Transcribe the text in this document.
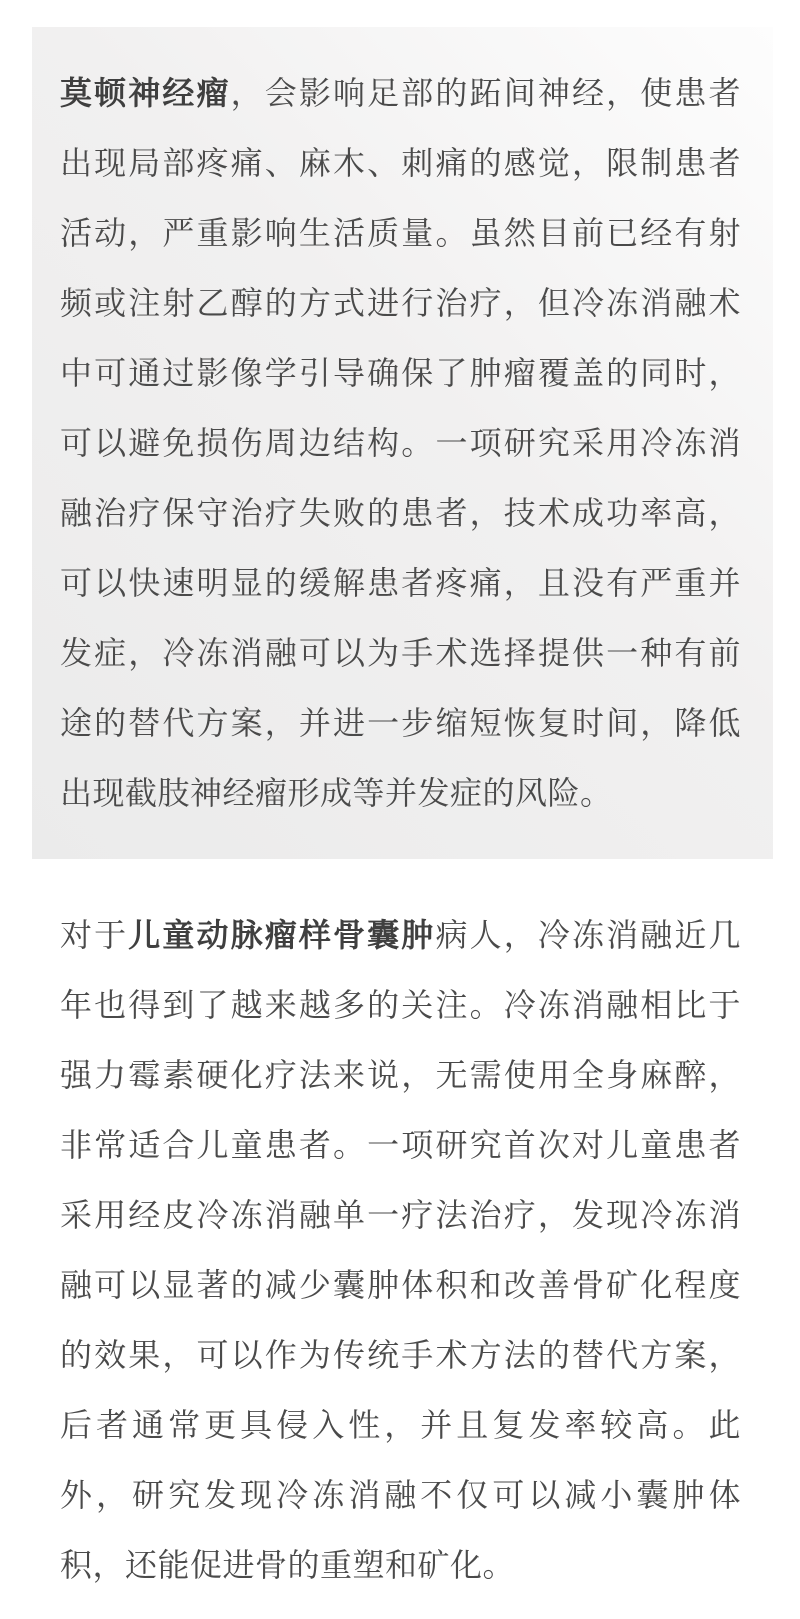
莫顿神经瘤，会影响足部的跖间神经，使患者出现局部疼痛、麻木、刺痛的感觉，限制患者活动，严重影响生活质量。虽然目前已经有射频或注射乙醇的方式进行治疗，但冷冻消融术中可通过影像学引导确保了肿瘤覆盖的同时，可以避免损伤周边结构。一项研究采用冷冻消融治疗保守治疗失败的患者，技术成功率高，可以快速明显的缓解患者疼痛，且没有严重并发症，冷冻消融可以为手术选择提供一种有前途的替代方案，并进一步缩短恢复时间，降低出现截肢神经瘤形成等并发症的风险。

对于儿童动脉瘤样骨囊肿病人，冷冻消融近几年也得到了越来越多的关注。冷冻消融相比于强力霉素硬化疗法来说，无需使用全身麻醉，非常适合儿童患者。一项研究首次对儿童患者采用经皮冷冻消融单一疗法治疗，发现冷冻消融可以显著的减少囊肿体积和改善骨矿化程度的效果，可以作为传统手术方法的替代方案，后者通常更具侵入性，并且复发率较高。此外，研究发现冷冻消融不仅可以减小囊肿体积，还能促进骨的重塑和矿化。
